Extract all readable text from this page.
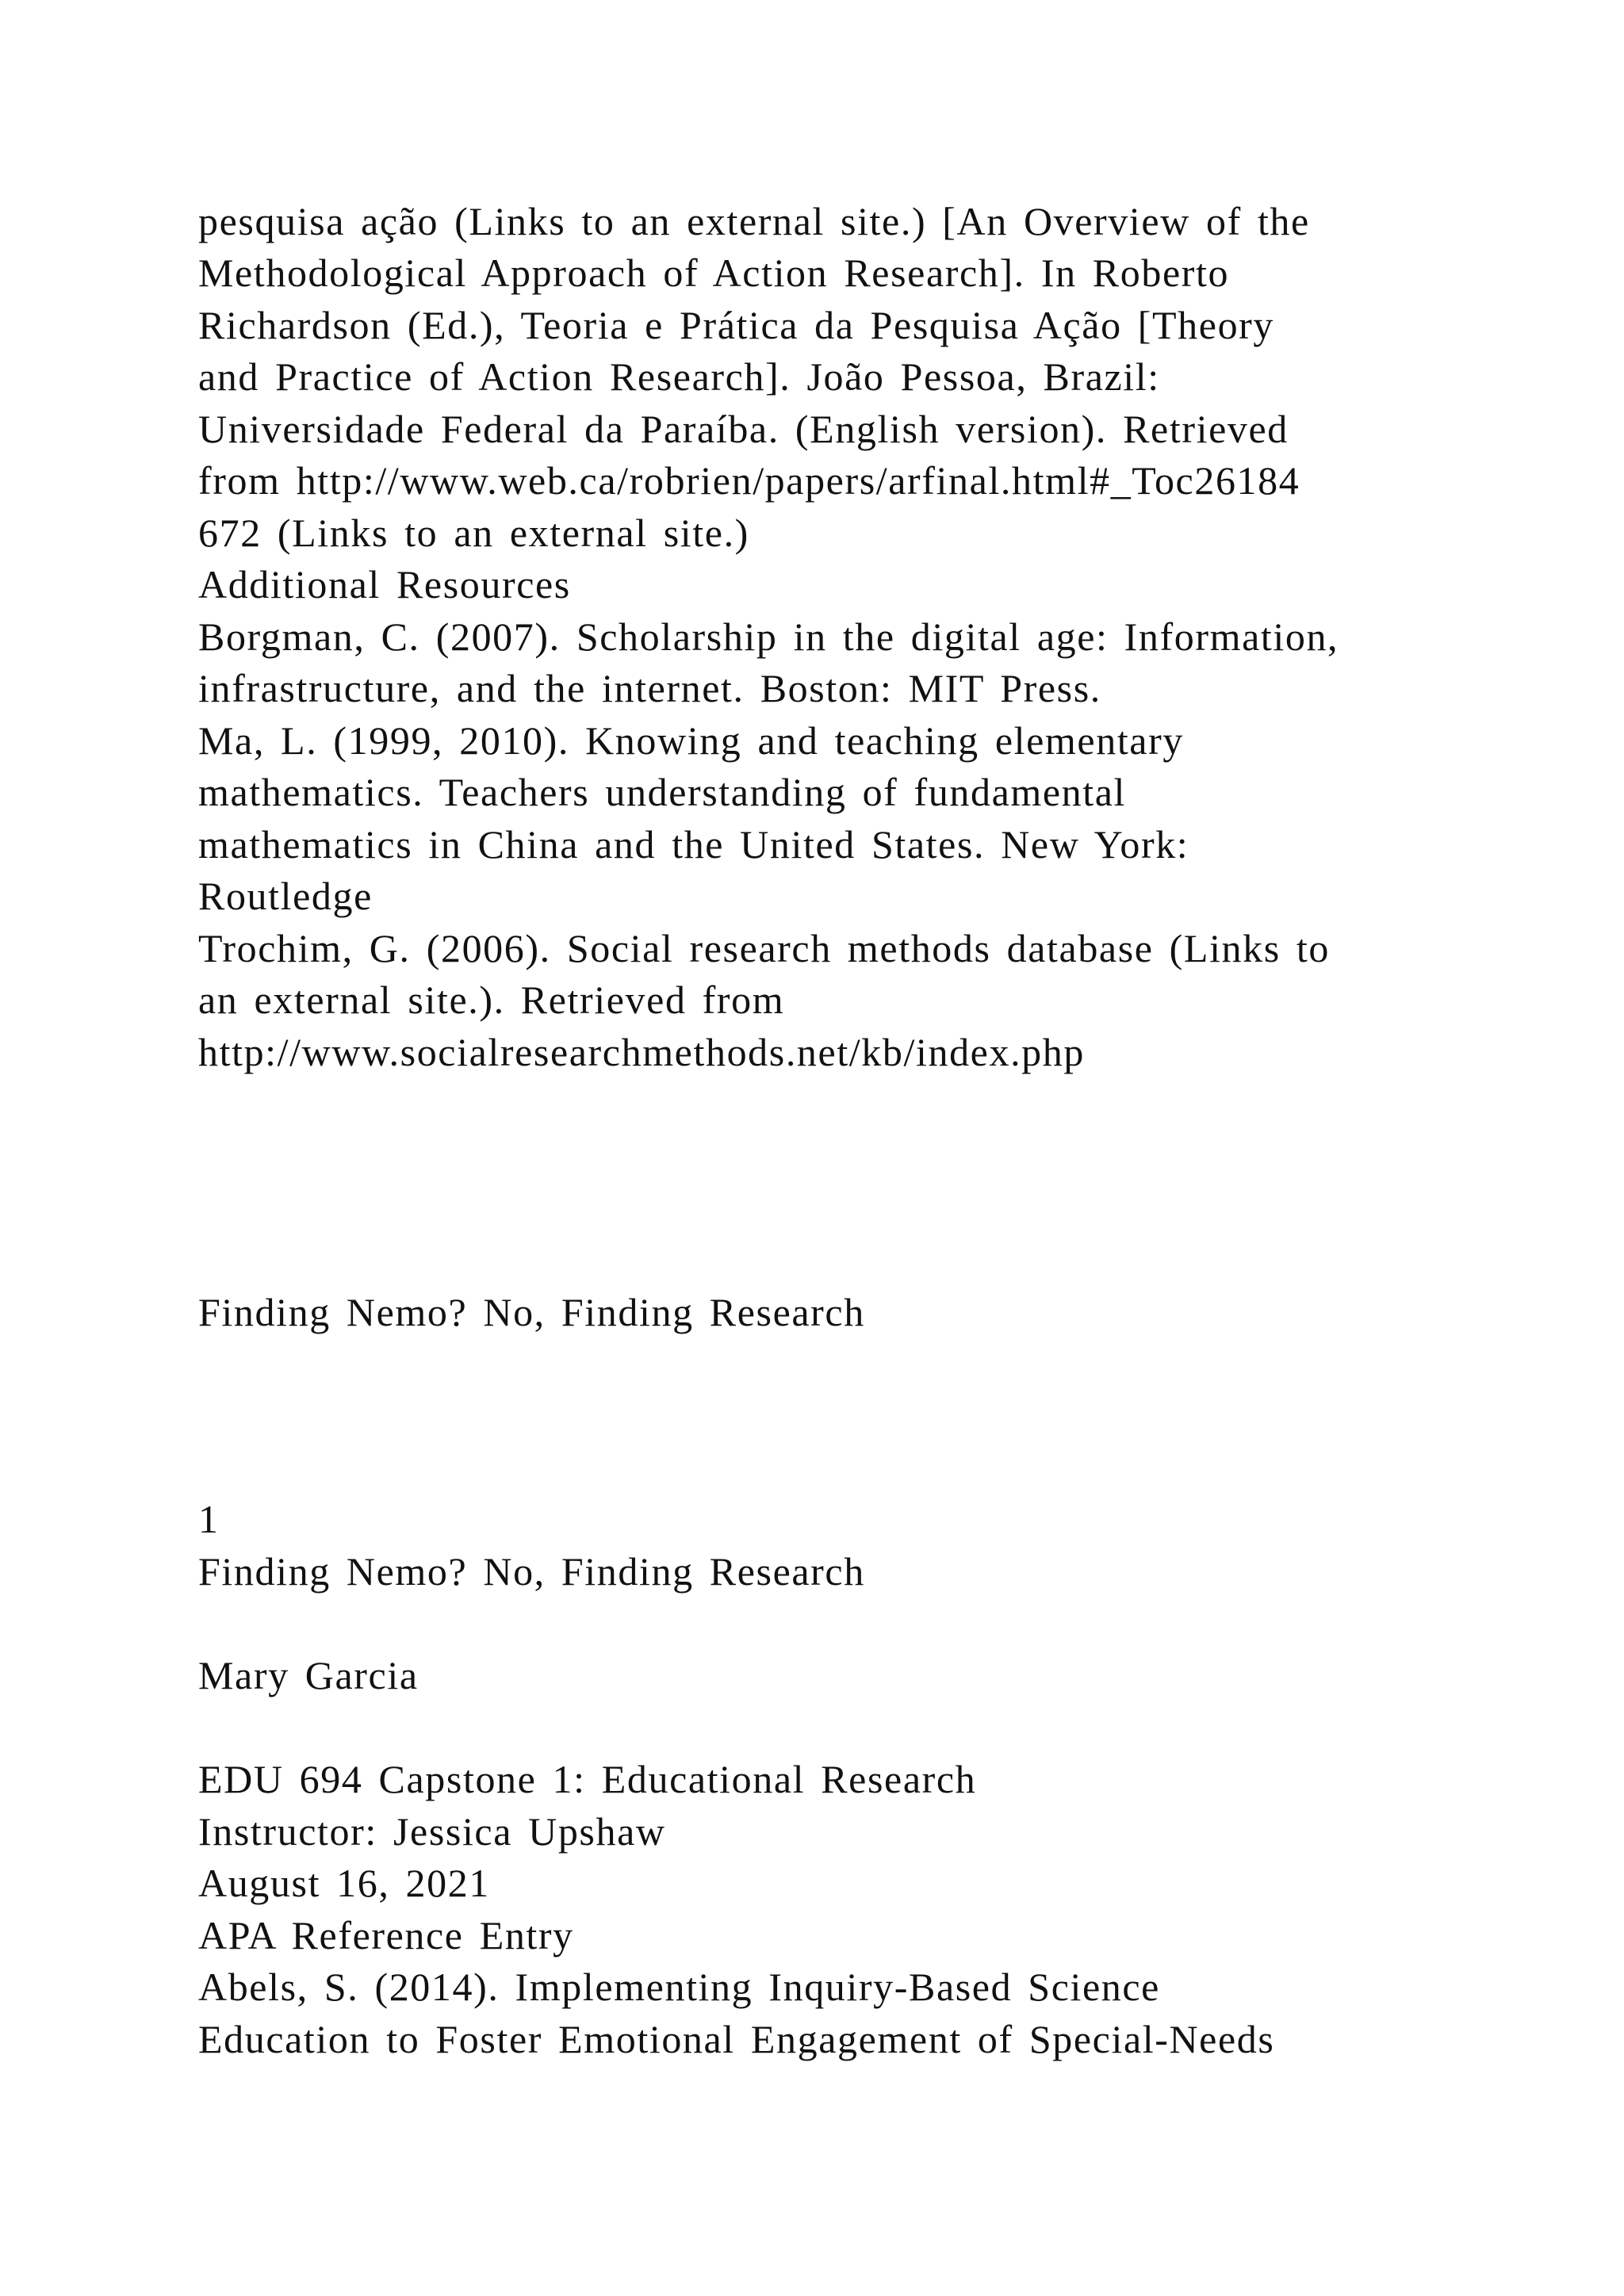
pesquisa ação (Links to an external site.) [An Overview of the
Methodological Approach of Action Research]. In Roberto
Richardson (Ed.), Teoria e Prática da Pesquisa Ação [Theory
and Practice of Action Research]. João Pessoa, Brazil:
Universidade Federal da Paraíba. (English version). Retrieved
from http://www.web.ca/robrien/papers/arfinal.html#_Toc26184
672 (Links to an external site.)
Additional Resources
Borgman, C. (2007). Scholarship in the digital age: Information,
infrastructure, and the internet. Boston: MIT Press.
Ma, L. (1999, 2010). Knowing and teaching elementary
mathematics. Teachers understanding of fundamental
mathematics in China and the United States. New York:
Routledge
Trochim, G. (2006). Social research methods database (Links to
an external site.). Retrieved from
http://www.socialresearchmethods.net/kb/index.php
Finding Nemo? No, Finding Research
1
Finding Nemo? No, Finding Research
Mary Garcia
EDU 694 Capstone 1: Educational Research
Instructor: Jessica Upshaw
August 16, 2021
APA Reference Entry
Abels, S. (2014). Implementing Inquiry-Based Science
Education to Foster Emotional Engagement of Special-Needs
